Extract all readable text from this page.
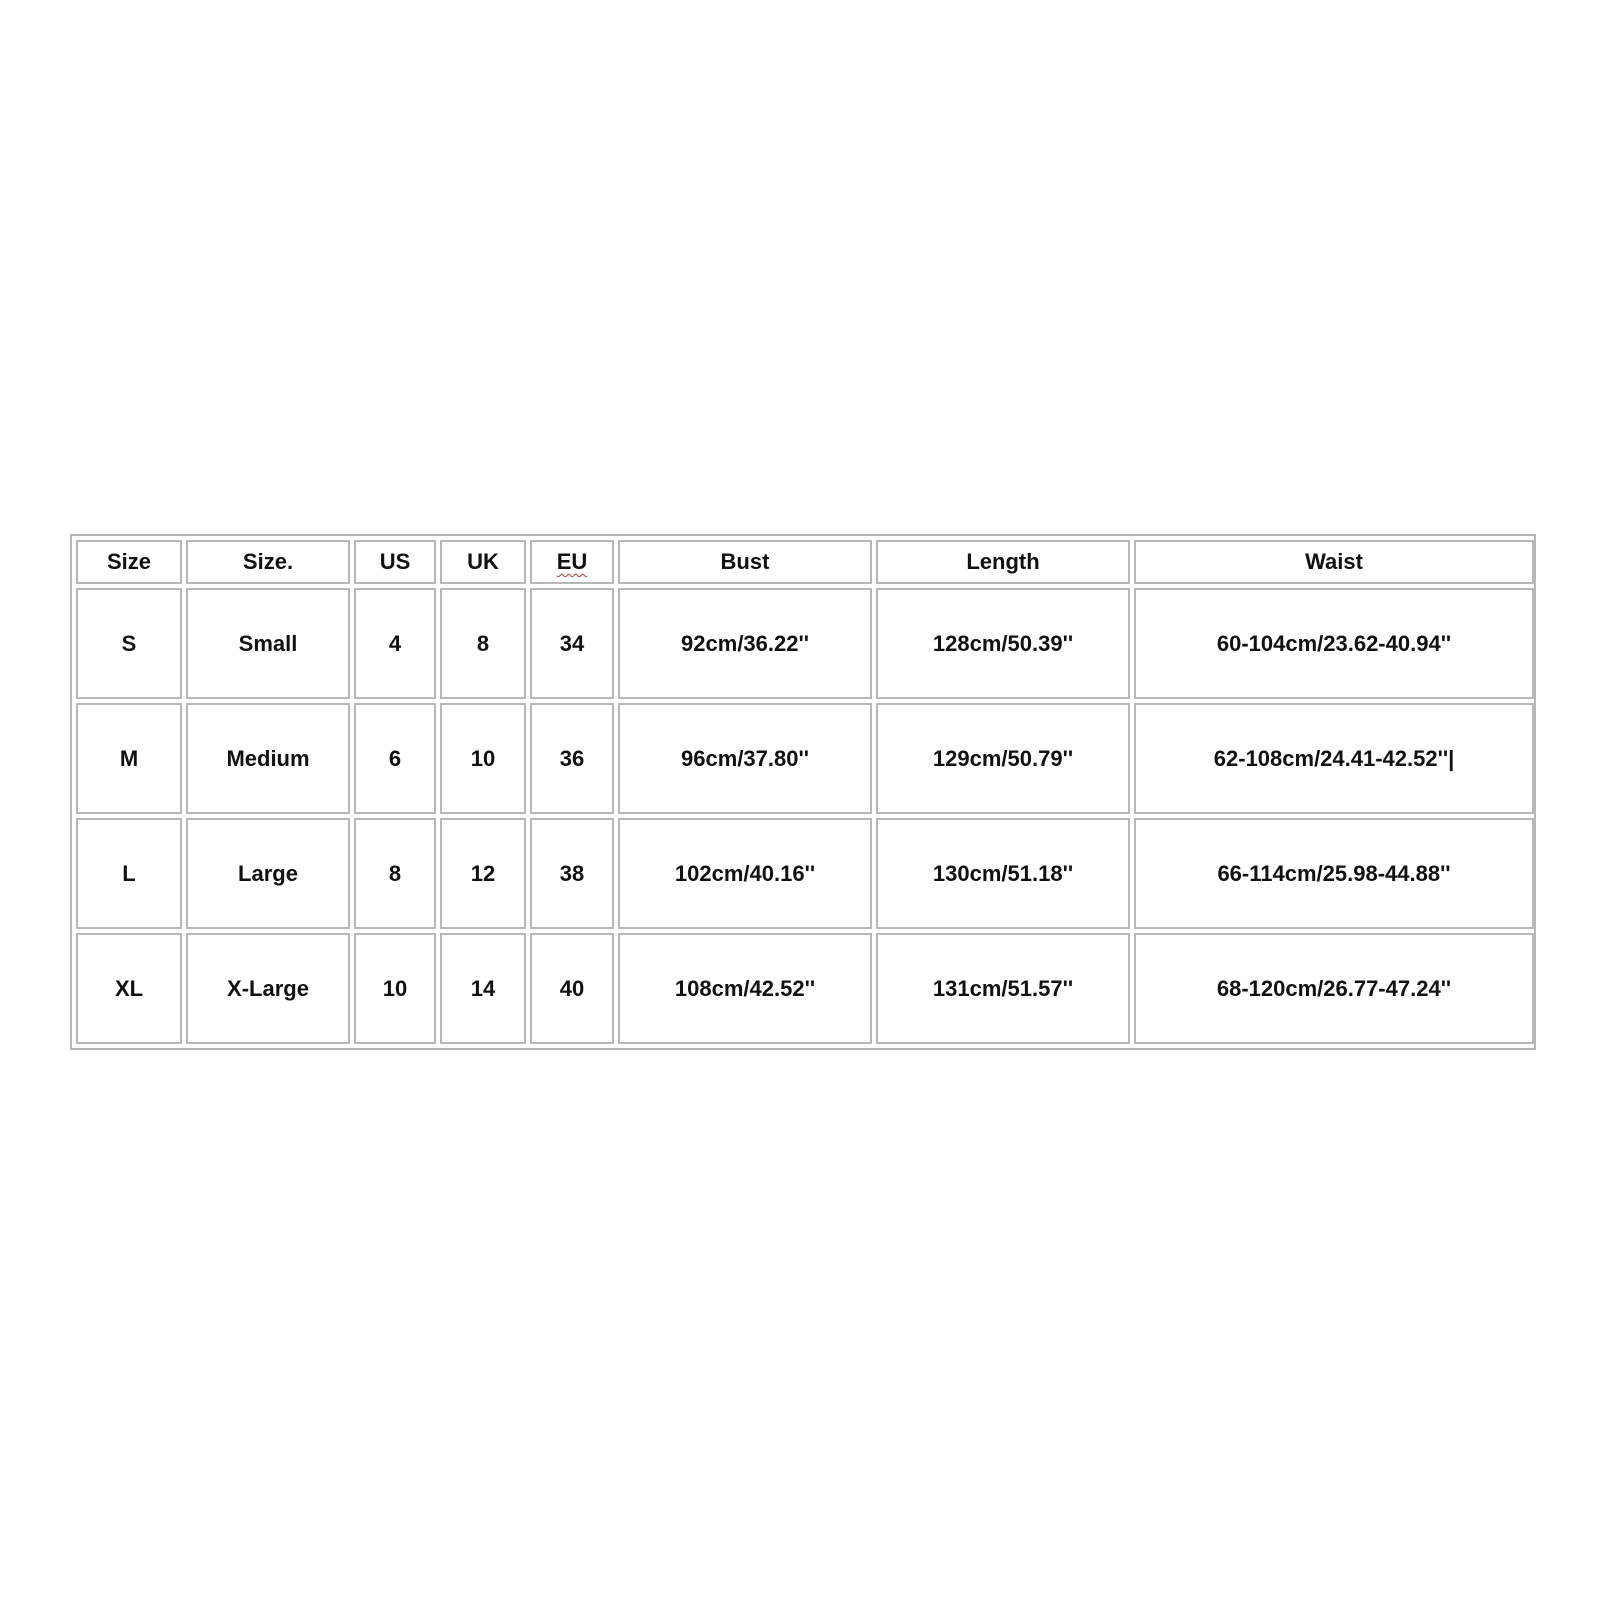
Size	Size.	US	UK	EU	Bust	Length	Waist
S	Small	4	8	34	92cm/36.22''	128cm/50.39''	60-104cm/23.62-40.94''
M	Medium	6	10	36	96cm/37.80''	129cm/50.79''	62-108cm/24.41-42.52''|
L	Large	8	12	38	102cm/40.16''	130cm/51.18''	66-114cm/25.98-44.88''
XL	X-Large	10	14	40	108cm/42.52''	131cm/51.57''	68-120cm/26.77-47.24''
